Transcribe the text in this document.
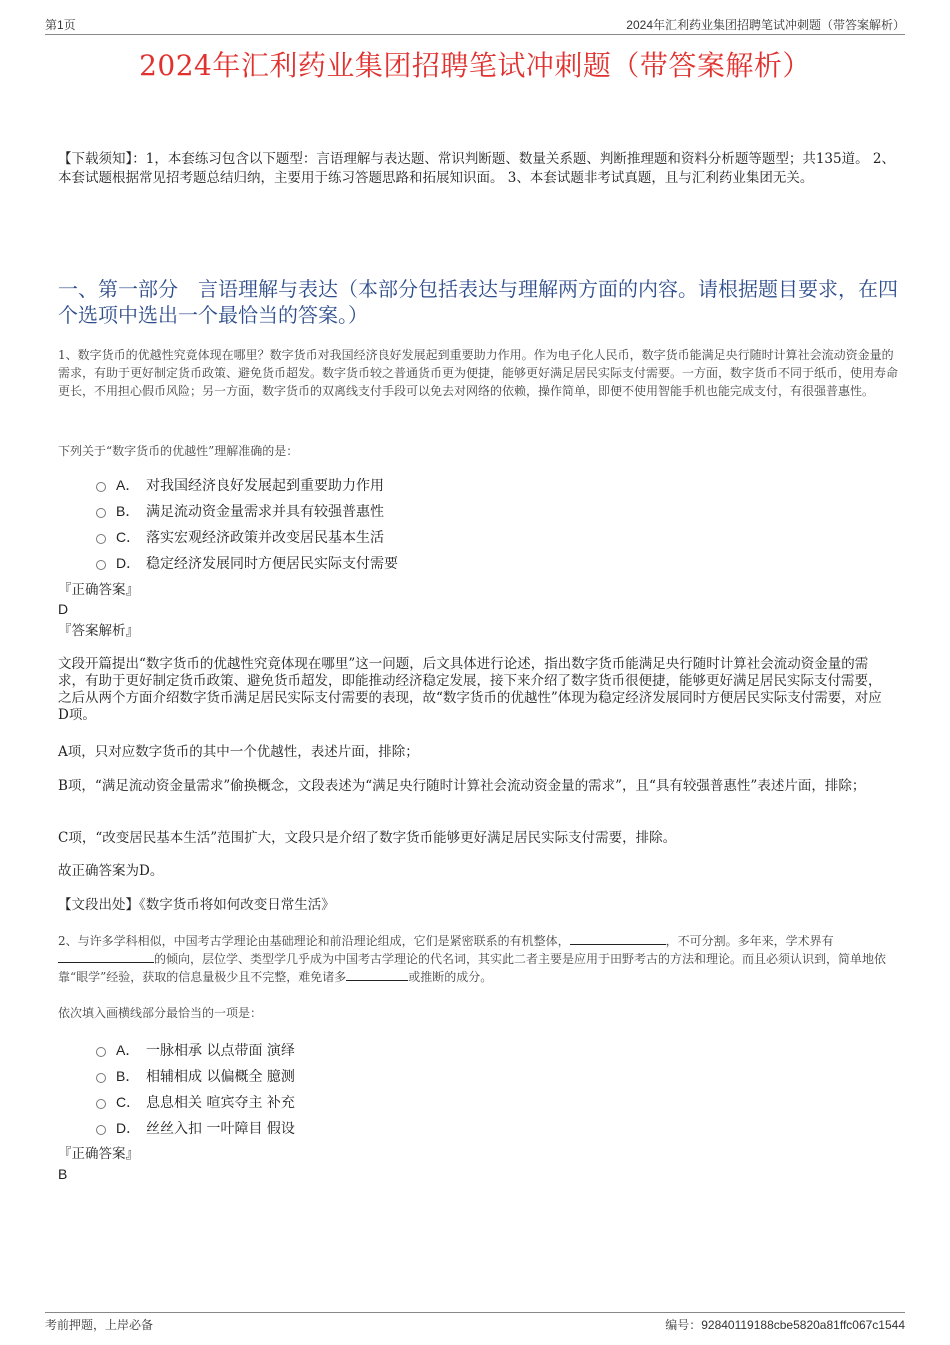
第1页	2024年汇利药业集团招聘笔试冲刺题（带答案解析）
2024年汇利药业集团招聘笔试冲刺题（带答案解析）
【下载须知】：1，本套练习包含以下题型：言语理解与表达题、常识判断题、数量关系题、判断推理题和资料分析题等题型；共135道。 2、本套试题根据常见招考题总结归纳，主要用于练习答题思路和拓展知识面。 3、本套试题非考试真题，且与汇利药业集团无关。
一、第一部分　言语理解与表达（本部分包括表达与理解两方面的内容。请根据题目要求，在四个选项中选出一个最恰当的答案。）
1、数字货币的优越性究竟体现在哪里？数字货币对我国经济良好发展起到重要助力作用。作为电子化人民币，数字货币能满足央行随时计算社会流动资金量的需求，有助于更好制定货币政策、避免货币超发。数字货币较之普通货币更为便捷，能够更好满足居民实际支付需要。一方面，数字货币不同于纸币，使用寿命更长，不用担心假币风险；另一方面，数字货币的双离线支付手段可以免去对网络的依赖，操作简单，即便不使用智能手机也能完成支付，有很强普惠性。
下列关于“数字货币的优越性”理解准确的是：
A． 对我国经济良好发展起到重要助力作用
B． 满足流动资金量需求并具有较强普惠性
C． 落实宏观经济政策并改变居民基本生活
D． 稳定经济发展同时方便居民实际支付需要
『正确答案』
D
『答案解析』
文段开篇提出“数字货币的优越性究竟体现在哪里”这一问题，后文具体进行论述，指出数字货币能满足央行随时计算社会流动资金量的需求，有助于更好制定货币政策、避免货币超发，即能推动经济稳定发展，接下来介绍了数字货币很便捷，能够更好满足居民实际支付需要，之后从两个方面介绍数字货币满足居民实际支付需要的表现，故“数字货币的优越性”体现为稳定经济发展同时方便居民实际支付需要，对应D项。
A项，只对应数字货币的其中一个优越性，表述片面，排除；
B项，“满足流动资金量需求”偷换概念，文段表述为“满足央行随时计算社会流动资金量的需求”，且“具有较强普惠性”表述片面，排除；
C项，“改变居民基本生活”范围扩大，文段只是介绍了数字货币能够更好满足居民实际支付需要，排除。
故正确答案为D。
【文段出处】《数字货币将如何改变日常生活》
2、与许多学科相似，中国考古学理论由基础理论和前沿理论组成，它们是紧密联系的有机整体，	，不可分割。多年来，学术界有的倾向，层位学、类型学几乎成为中国考古学理论的代名词，其实此二者主要是应用于田野考古的方法和理论。而且必须认识到，简单地依靠“眼学”经验，获取的信息量极少且不完整，难免诸多	或推断的成分。
依次填入画横线部分最恰当的一项是：
A． 一脉相承 以点带面 演绎
B． 相辅相成 以偏概全 臆测
C． 息息相关 喧宾夺主 补充
D． 丝丝入扣 一叶障目 假设
『正确答案』
B
考前押题，上岸必备	编号：92840119188cbe5820a81ffc067c1544
